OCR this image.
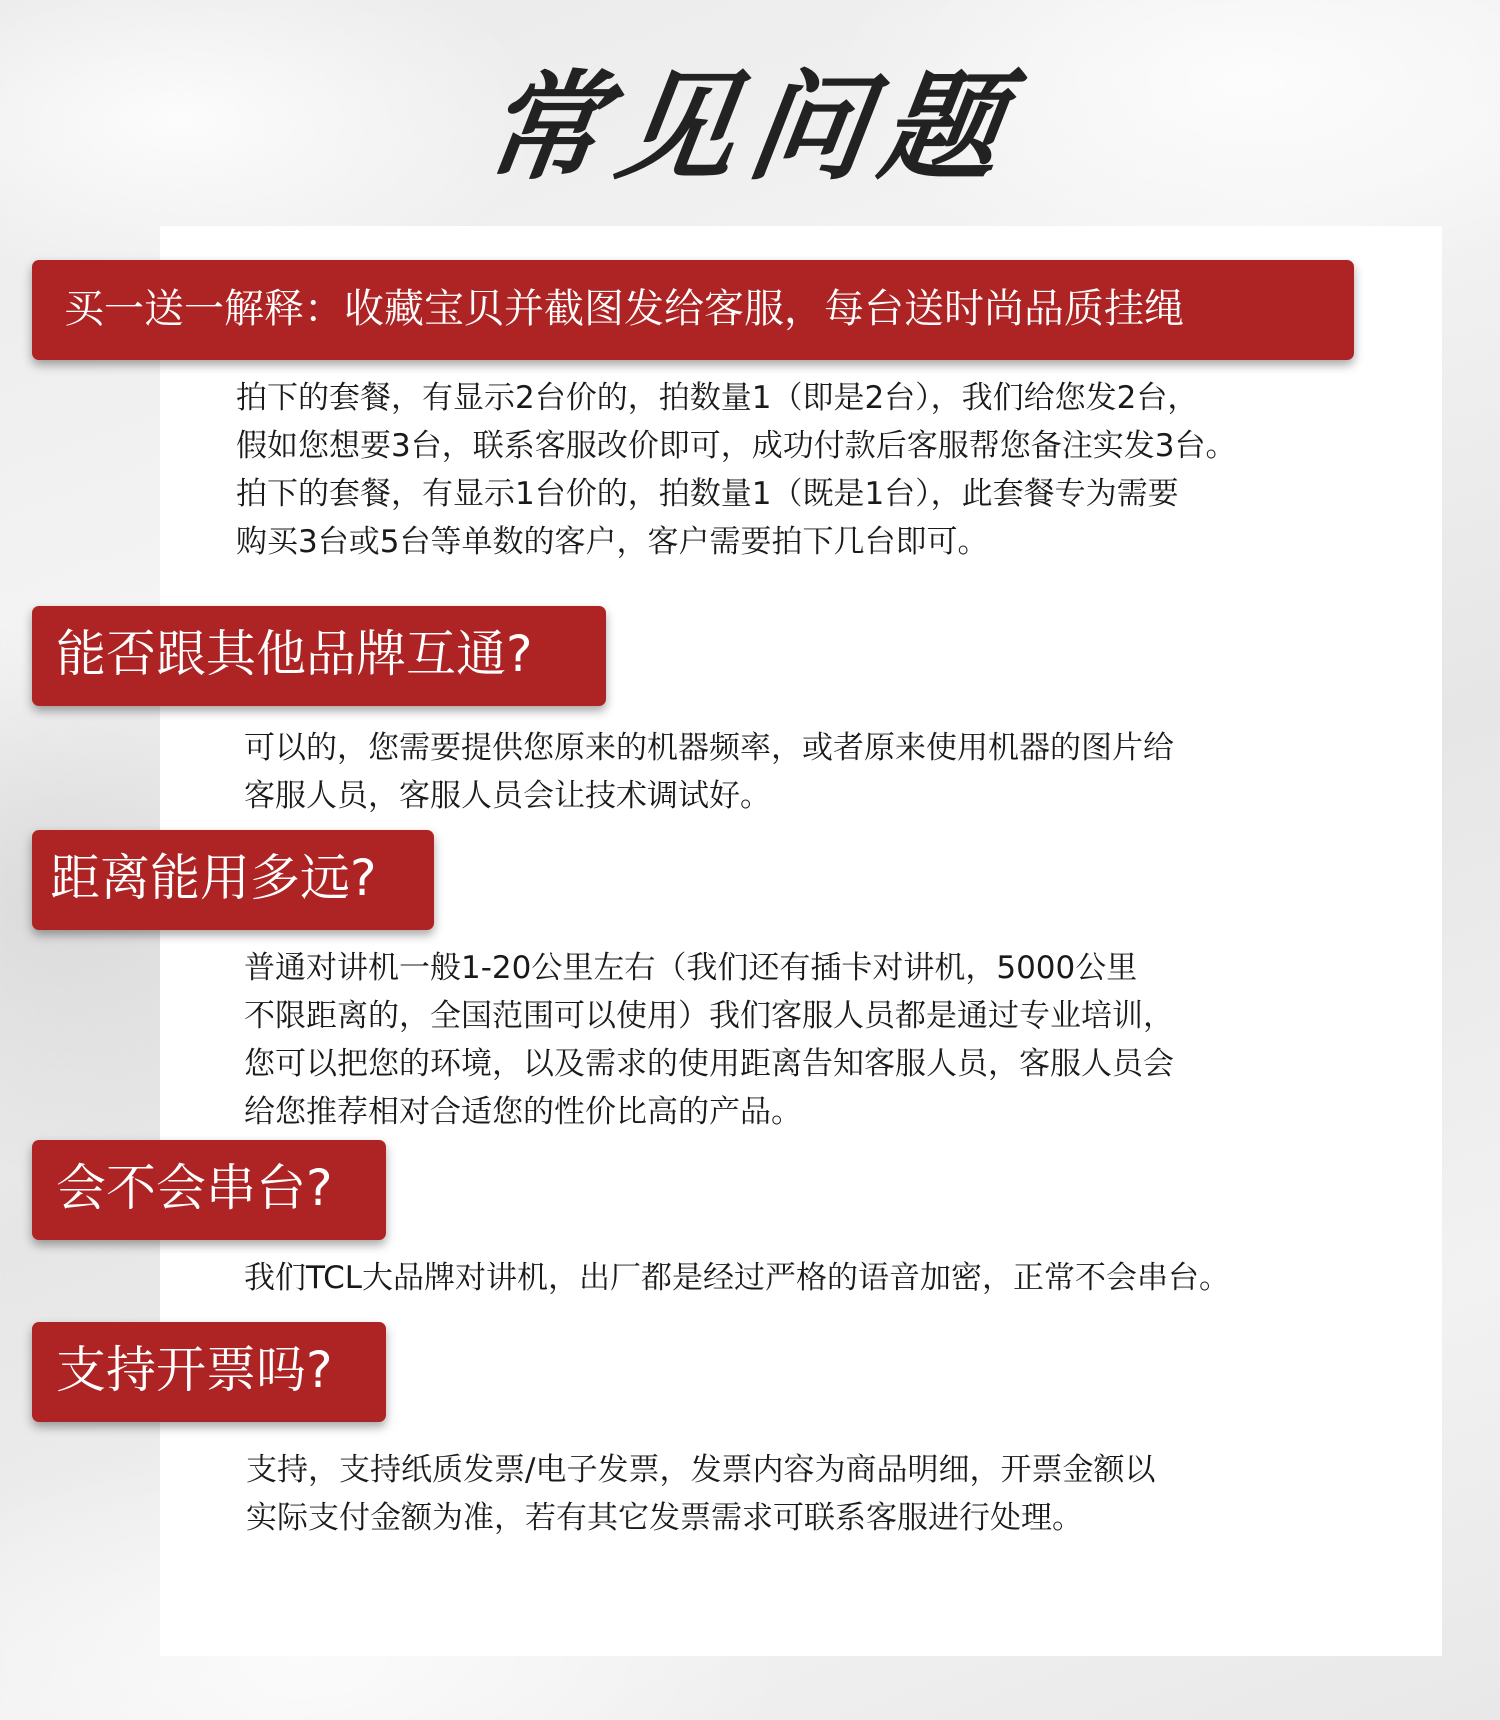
常见问题
买一送一解释：收藏宝贝并截图发给客服，每台送时尚品质挂绳
拍下的套餐，有显示2台价的，拍数量1（即是2台），我们给您发2台，
假如您想要3台，联系客服改价即可，成功付款后客服帮您备注实发3台。
拍下的套餐，有显示1台价的，拍数量1（既是1台），此套餐专为需要
购买3台或5台等单数的客户，客户需要拍下几台即可。
能否跟其他品牌互通?
可以的，您需要提供您原来的机器频率，或者原来使用机器的图片给
客服人员，客服人员会让技术调试好。
距离能用多远?
普通对讲机一般1-20公里左右（我们还有插卡对讲机，5000公里
不限距离的，全国范围可以使用）我们客服人员都是通过专业培训，
您可以把您的环境，以及需求的使用距离告知客服人员，客服人员会
给您推荐相对合适您的性价比高的产品。
会不会串台?
我们TCL大品牌对讲机，出厂都是经过严格的语音加密，正常不会串台。
支持开票吗?
支持，支持纸质发票/电子发票，发票内容为商品明细，开票金额以
实际支付金额为准，若有其它发票需求可联系客服进行处理。
